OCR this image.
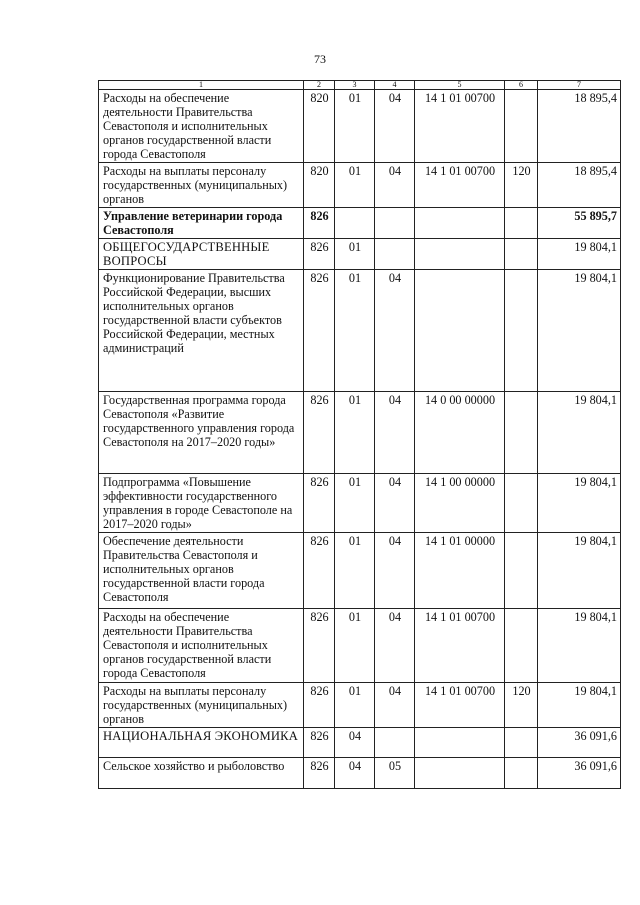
73
1	2	3	4	5	6	7
Расходы на обеспечение деятельности Правительства Севастополя и исполнительных органов государственной власти города Севастополя	820	01	04	14 1 01 00700		18 895,4
Расходы на выплаты персоналу государственных (муниципальных) органов	820	01	04	14 1 01 00700	120	18 895,4
Управление ветеринарии города Севастополя	826					55 895,7
ОБЩЕГОСУДАРСТВЕННЫЕ ВОПРОСЫ	826	01				19 804,1
Функционирование Правительства Российской Федерации, высших исполнительных органов государственной власти субъектов Российской Федерации, местных администраций	826	01	04			19 804,1
Государственная программа города Севастополя «Развитие государственного управления города Севастополя на 2017–2020 годы»	826	01	04	14 0 00 00000		19 804,1
Подпрограмма «Повышение эффективности государственного управления в городе Севастополе на 2017–2020 годы»	826	01	04	14 1 00 00000		19 804,1
Обеспечение деятельности Правительства Севастополя и исполнительных органов государственной власти города Севастополя	826	01	04	14 1 01 00000		19 804,1
Расходы на обеспечение деятельности Правительства Севастополя и исполнительных органов государственной власти города Севастополя	826	01	04	14 1 01 00700		19 804,1
Расходы на выплаты персоналу государственных (муниципальных) органов	826	01	04	14 1 01 00700	120	19 804,1
НАЦИОНАЛЬНАЯ ЭКОНОМИКА	826	04				36 091,6
Сельское хозяйство и рыболовство	826	04	05			36 091,6
